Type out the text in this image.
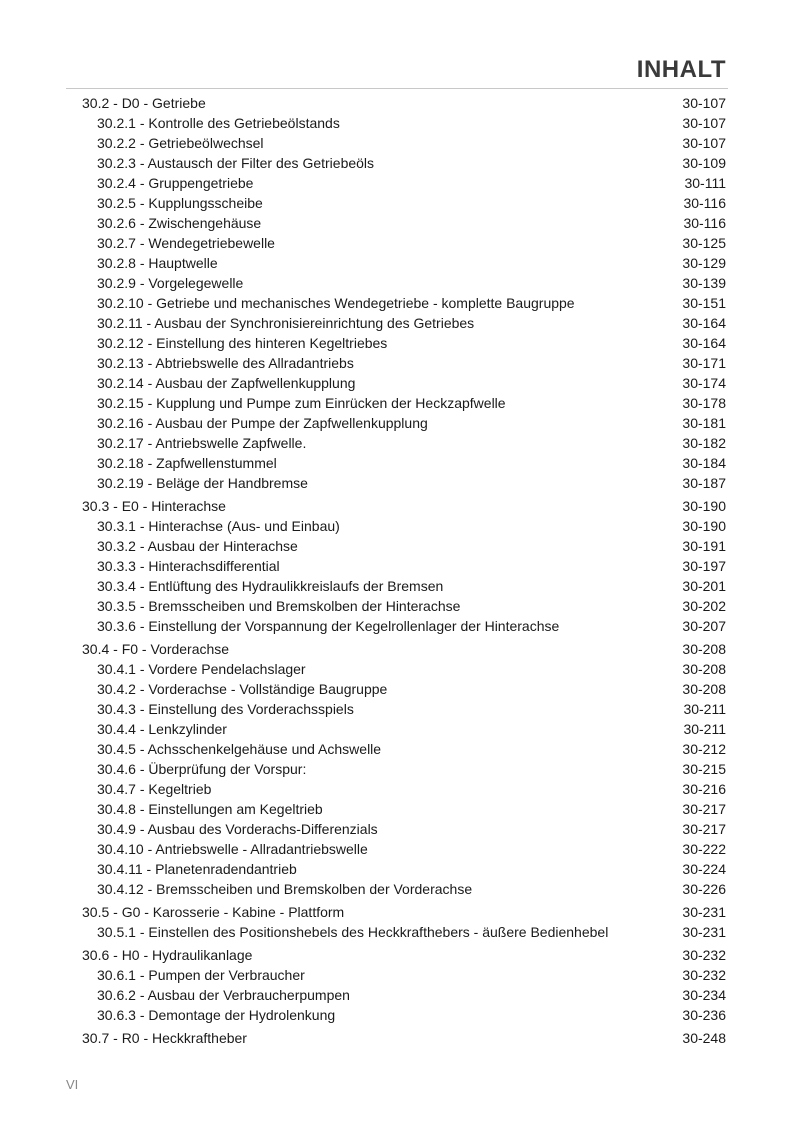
INHALT
30.2 - D0 - Getriebe	30-107
30.2.1 - Kontrolle des Getriebeölstands	30-107
30.2.2 - Getriebeölwechsel	30-107
30.2.3 - Austausch der Filter des Getriebeöls	30-109
30.2.4 - Gruppengetriebe	30-111
30.2.5 - Kupplungsscheibe	30-116
30.2.6 - Zwischengehäuse	30-116
30.2.7 - Wendegetriebewelle	30-125
30.2.8 - Hauptwelle	30-129
30.2.9 - Vorgelegewelle	30-139
30.2.10 - Getriebe und mechanisches Wendegetriebe - komplette Baugruppe	30-151
30.2.11 - Ausbau der Synchronisiereinrichtung des Getriebes	30-164
30.2.12 - Einstellung des hinteren Kegeltriebes	30-164
30.2.13 - Abtriebswelle des Allradantriebs	30-171
30.2.14 - Ausbau der Zapfwellenkupplung	30-174
30.2.15 - Kupplung und Pumpe zum Einrücken der Heckzapfwelle	30-178
30.2.16 - Ausbau der Pumpe der Zapfwellenkupplung	30-181
30.2.17 - Antriebswelle Zapfwelle.	30-182
30.2.18 - Zapfwellenstummel	30-184
30.2.19 - Beläge der Handbremse	30-187
30.3 - E0 - Hinterachse	30-190
30.3.1 - Hinterachse (Aus- und Einbau)	30-190
30.3.2 - Ausbau der Hinterachse	30-191
30.3.3 - Hinterachsdifferential	30-197
30.3.4 - Entlüftung des Hydraulikkreislaufs der Bremsen	30-201
30.3.5 - Bremsscheiben und Bremskolben der Hinterachse	30-202
30.3.6 - Einstellung der Vorspannung der Kegelrollenlager der Hinterachse	30-207
30.4 - F0 - Vorderachse	30-208
30.4.1 - Vordere Pendelachslager	30-208
30.4.2 - Vorderachse - Vollständige Baugruppe	30-208
30.4.3 - Einstellung des Vorderachsspiels	30-211
30.4.4 - Lenkzylinder	30-211
30.4.5 - Achsschenkelgehäuse und Achswelle	30-212
30.4.6 - Überprüfung der Vorspur:	30-215
30.4.7 - Kegeltrieb	30-216
30.4.8 - Einstellungen am Kegeltrieb	30-217
30.4.9 - Ausbau des Vorderachs-Differenzials	30-217
30.4.10 - Antriebswelle - Allradantriebswelle	30-222
30.4.11 - Planetenradendantrieb	30-224
30.4.12 - Bremsscheiben und Bremskolben der Vorderachse	30-226
30.5 - G0 - Karosserie - Kabine - Plattform	30-231
30.5.1 - Einstellen des Positionshebels des Heckkrafthebers - äußere Bedienhebel	30-231
30.6 - H0 - Hydraulikanlage	30-232
30.6.1 - Pumpen der Verbraucher	30-232
30.6.2 - Ausbau der Verbraucherpumpen	30-234
30.6.3 - Demontage der Hydrolenkung	30-236
30.7 - R0 - Heckkraftheber	30-248
VI
